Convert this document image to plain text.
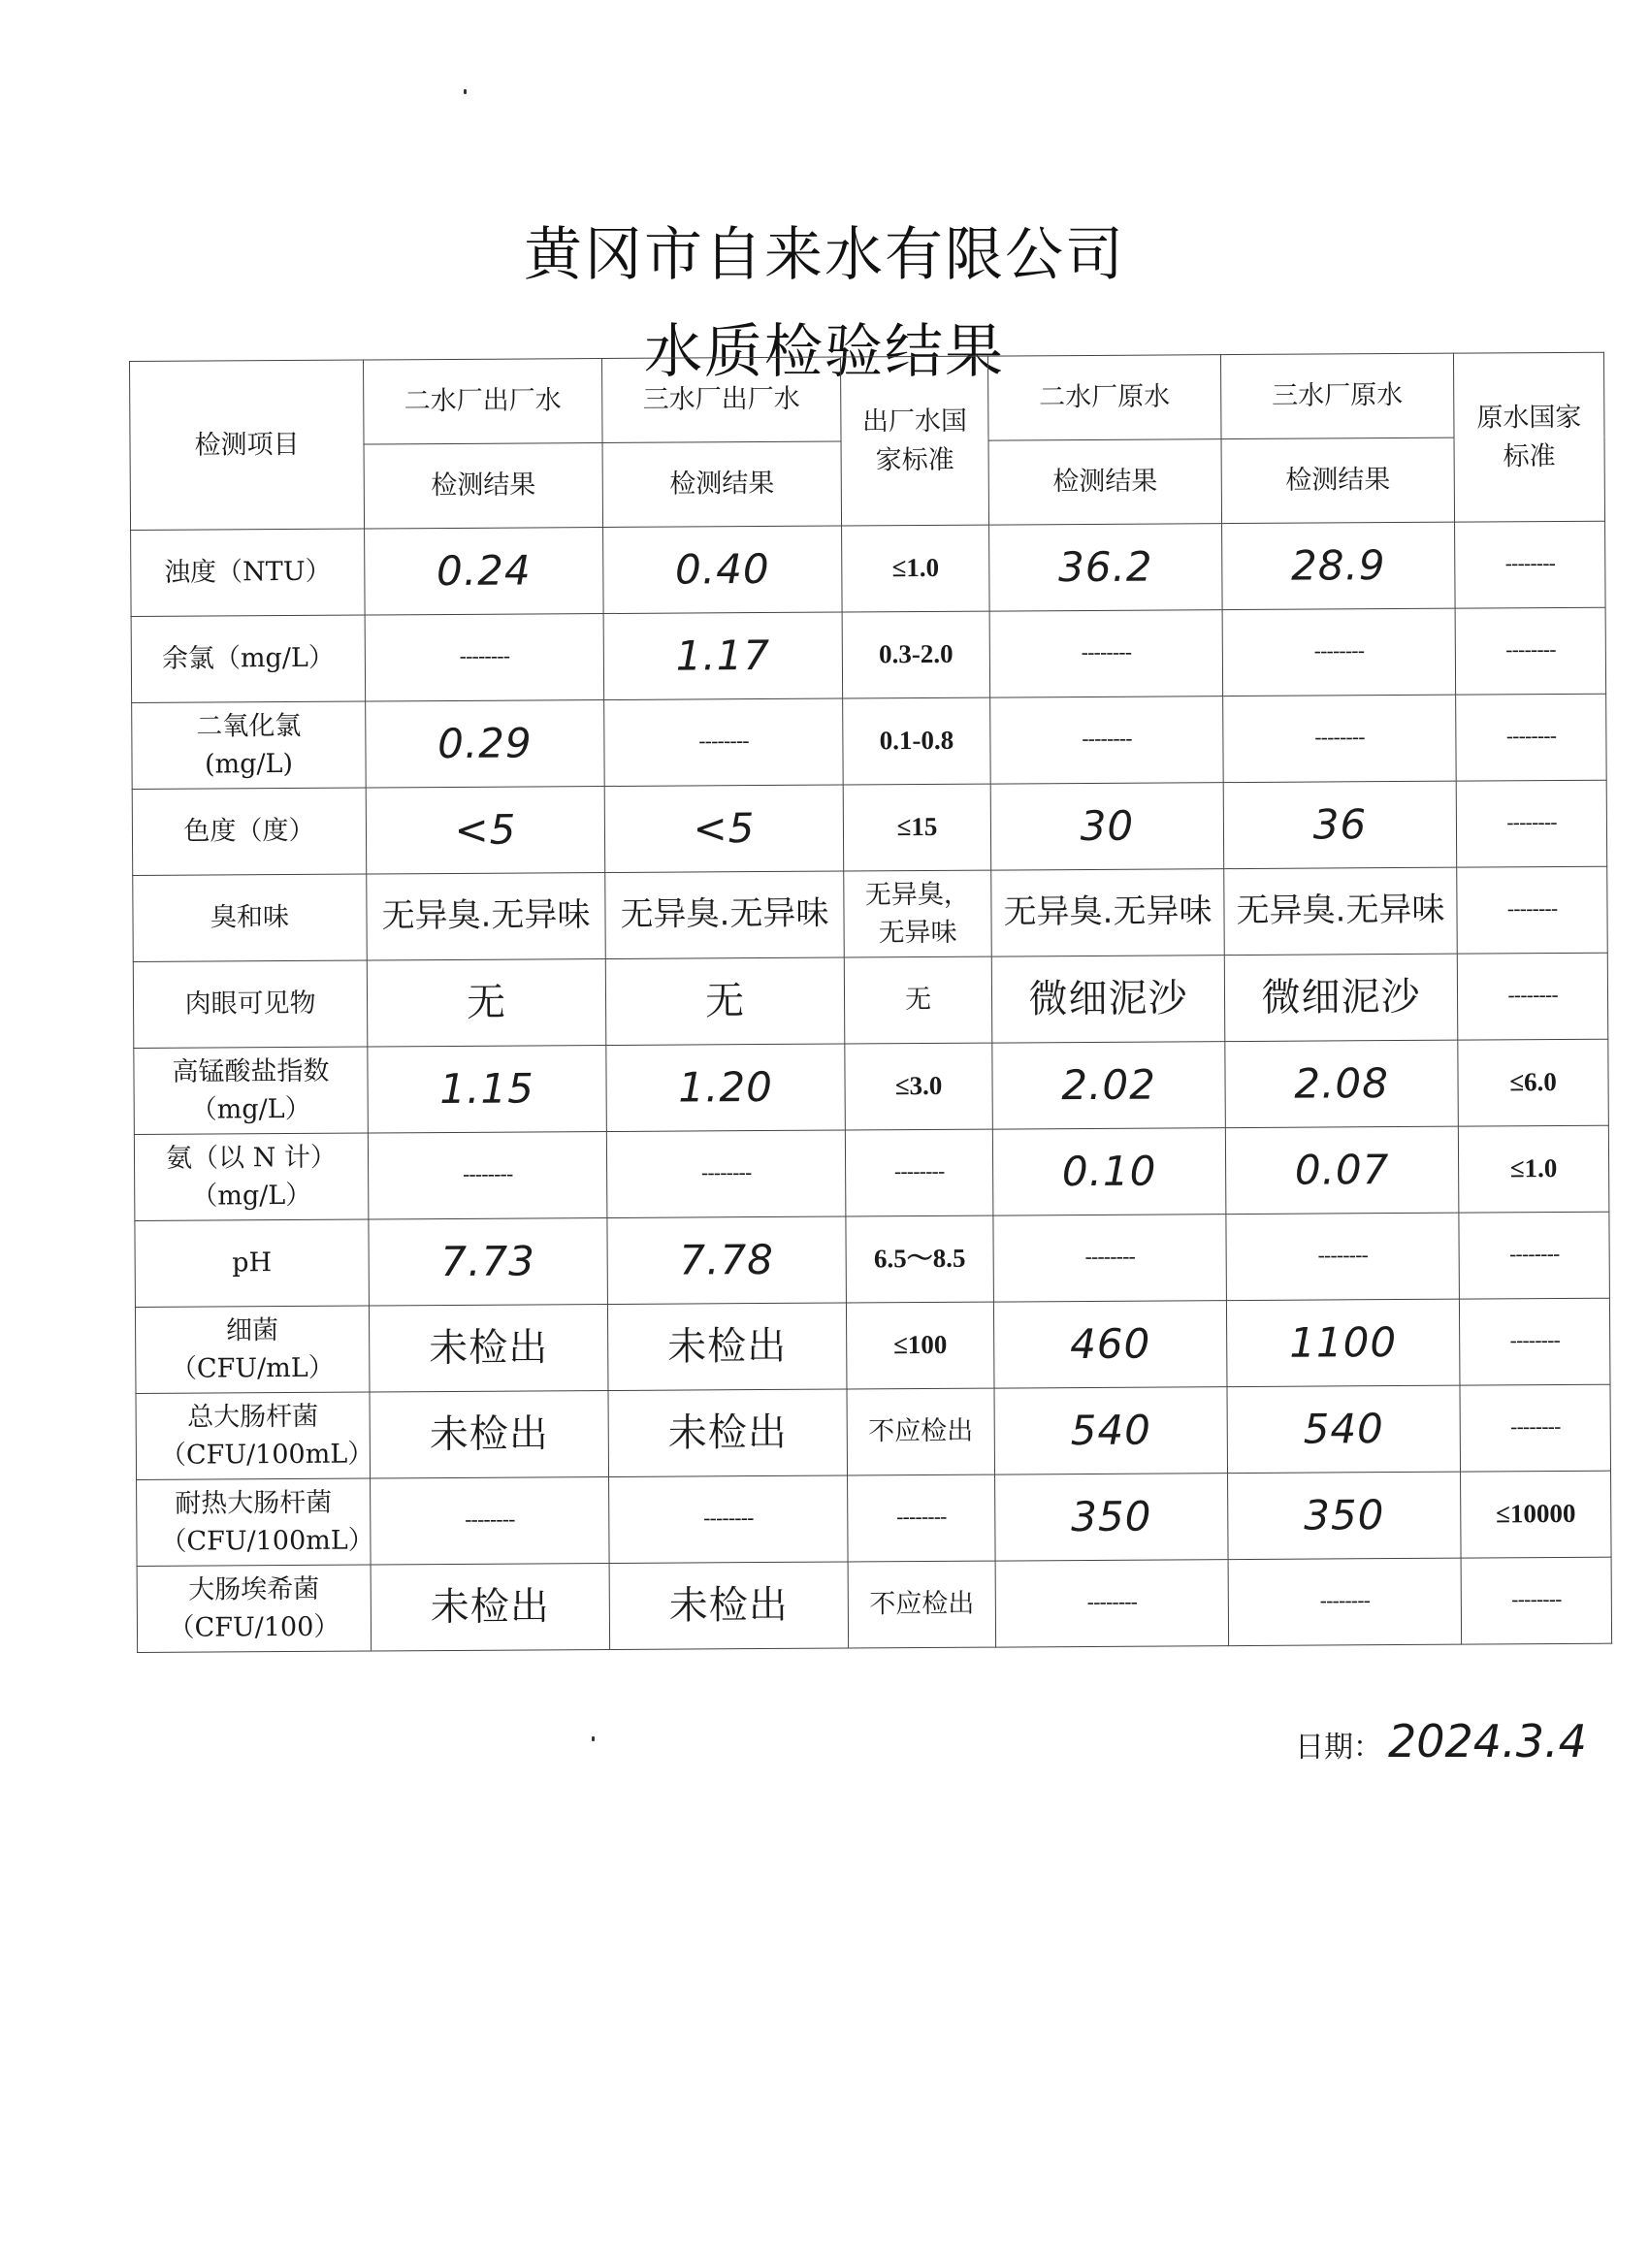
黄冈市自来水有限公司
水质检验结果
检测项目	二水厂出厂水	三水厂出厂水	出厂水国家标准	二水厂原水	三水厂原水	原水国家标准
	检测结果	检测结果		检测结果	检测结果	
浊度（NTU）	0.24	0.40	≤1.0	36.2	28.9	--------
余氯（mg/L）	--------	1.17	0.3-2.0	--------	--------	--------
二氧化氯(mg/L)	0.29	--------	0.1-0.8	--------	--------	--------
色度（度）	<5	<5	≤15	30	36	--------
臭和味	无异臭.无异味	无异臭.无异味	无异臭，无异味	无异臭.无异味	无异臭.无异味	--------
肉眼可见物	无	无	无	微细泥沙	微细泥沙	--------
高锰酸盐指数（mg/L）	1.15	1.20	≤3.0	2.02	2.08	≤6.0
氨（以 N 计）（mg/L）	--------	--------	--------	0.10	0.07	≤1.0
pH	7.73	7.78	6.5～8.5	--------	--------	--------
细菌（CFU/mL）	未检出	未检出	≤100	460	1100	--------
总大肠杆菌（CFU/100mL）	未检出	未检出	不应检出	540	540	--------
耐热大肠杆菌（CFU/100mL）	--------	--------	--------	350	350	≤10000
大肠埃希菌（CFU/100）	未检出	未检出	不应检出	--------	--------	--------
日期： 2024.3.4
